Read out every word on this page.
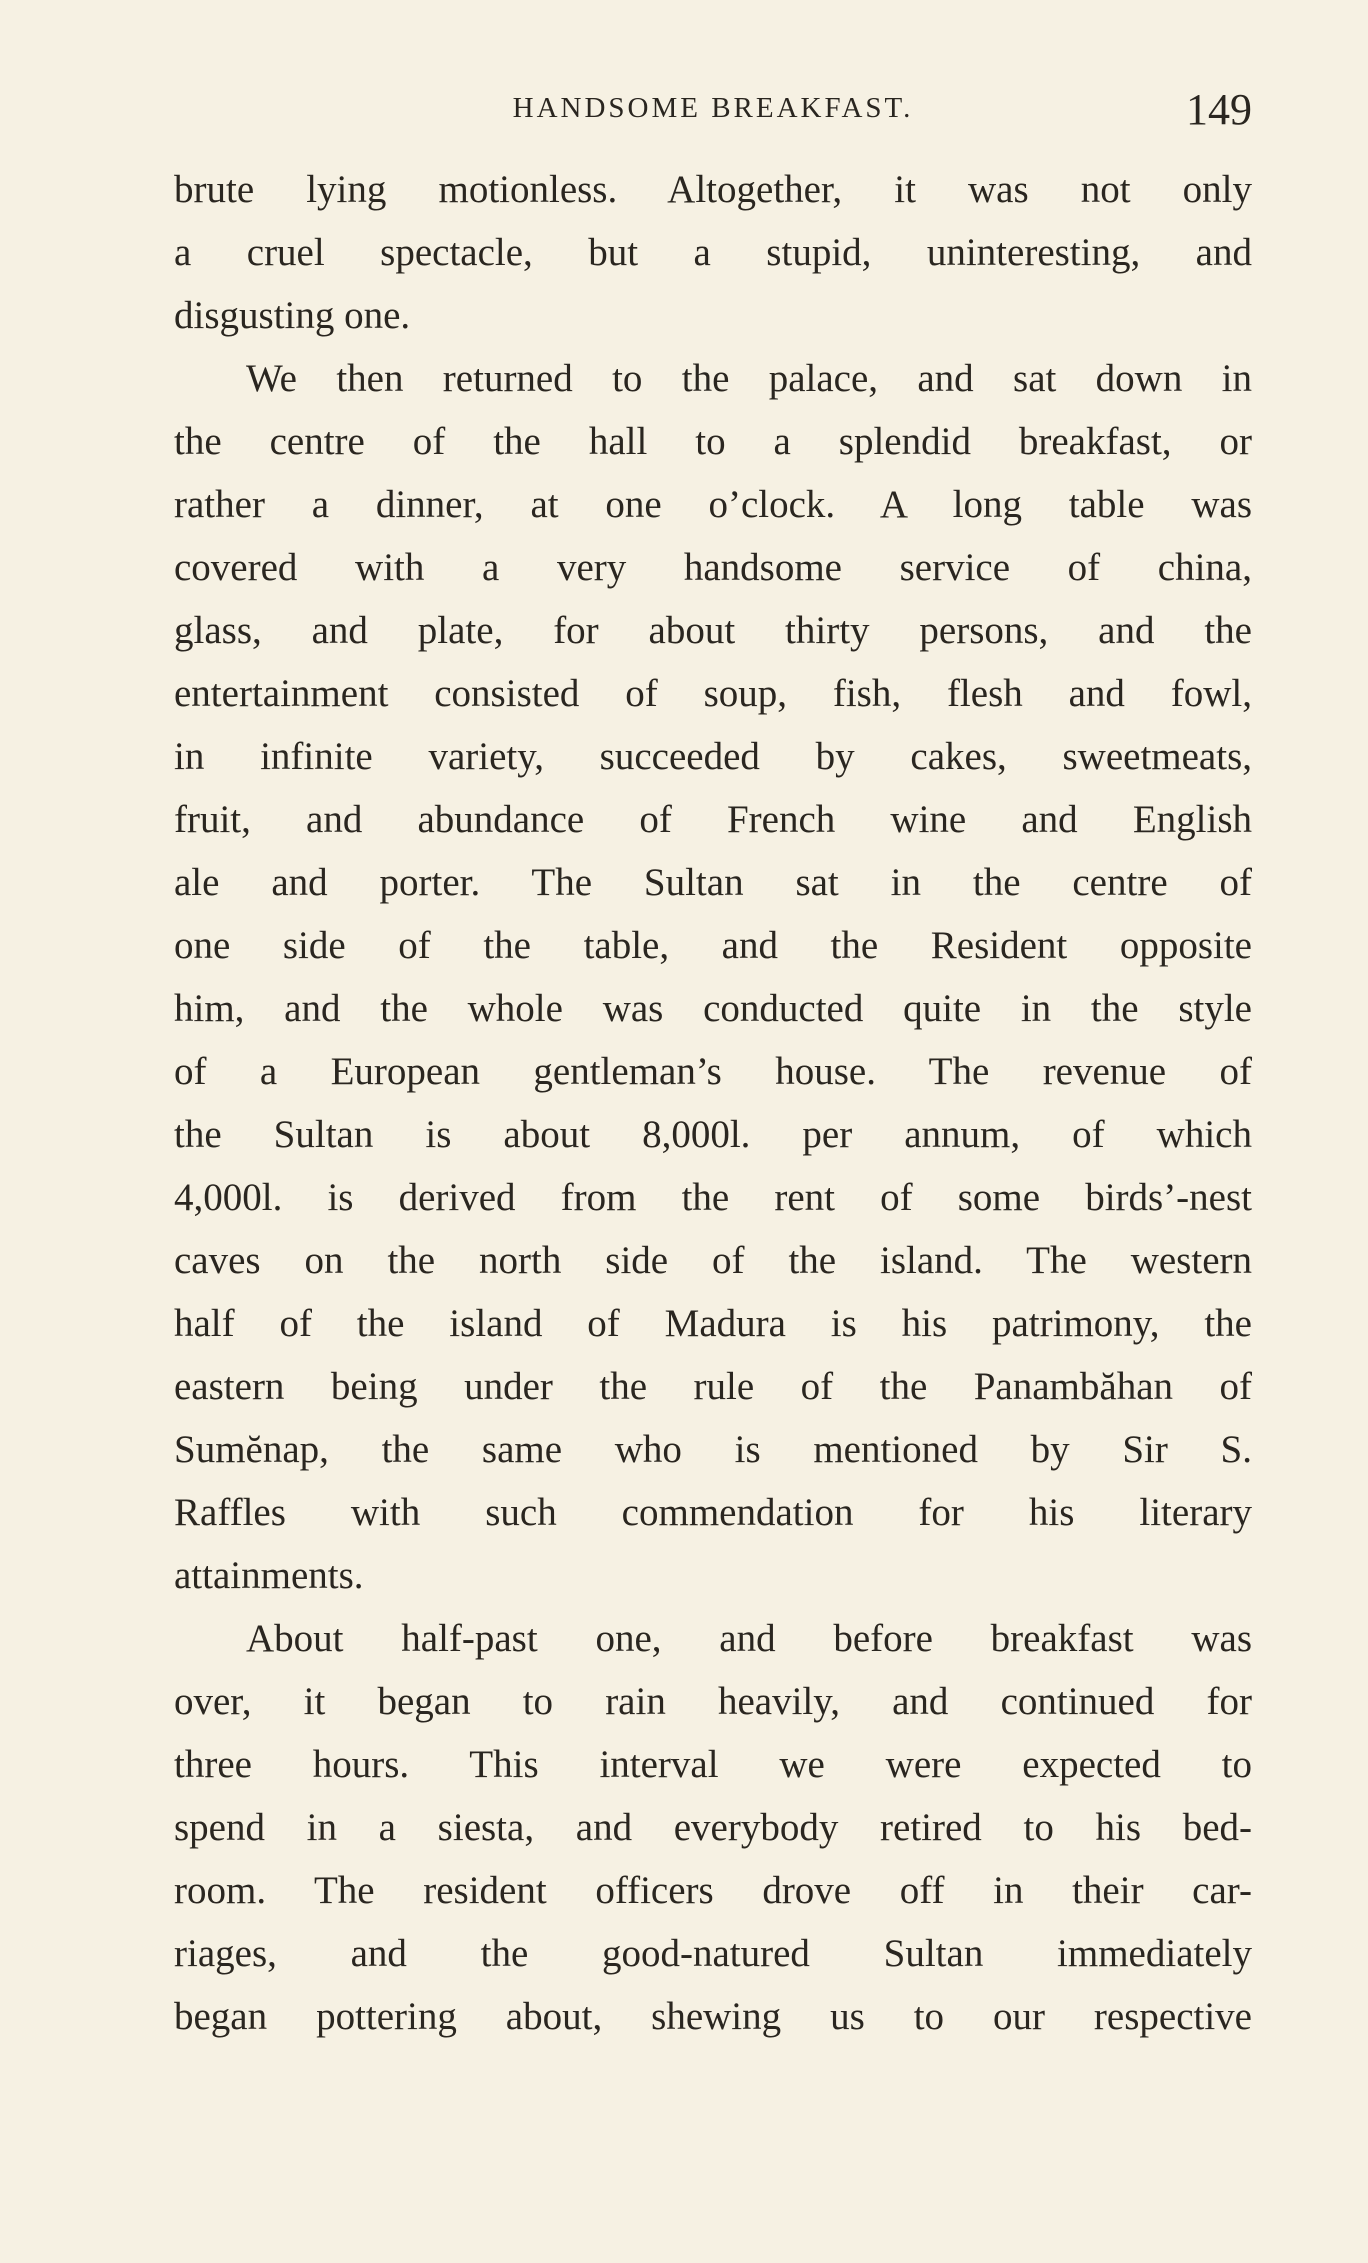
HANDSOME BREAKFAST.	149
brute lying motionless. Altogether, it was not only
a cruel spectacle, but a stupid, uninteresting, and
disgusting one.
We then returned to the palace, and sat down in
the centre of the hall to a splendid breakfast, or
rather a dinner, at one o’clock. A long table was
covered with a very handsome service of china,
glass, and plate, for about thirty persons, and the
entertainment consisted of soup, fish, flesh and fowl,
in infinite variety, succeeded by cakes, sweetmeats,
fruit, and abundance of French wine and English
ale and porter. The Sultan sat in the centre of
one side of the table, and the Resident opposite
him, and the whole was conducted quite in the style
of a European gentleman’s house. The revenue of
the Sultan is about 8,000l. per annum, of which
4,000l. is derived from the rent of some birds’-nest
caves on the north side of the island. The western
half of the island of Madura is his patrimony, the
eastern being under the rule of the Panambăhan of
Sumĕnap, the same who is mentioned by Sir S.
Raffles with such commendation for his literary
attainments.
About half-past one, and before breakfast was
over, it began to rain heavily, and continued for
three hours. This interval we were expected to
spend in a siesta, and everybody retired to his bed-
room. The resident officers drove off in their car-
riages, and the good-natured Sultan immediately
began pottering about, shewing us to our respective
